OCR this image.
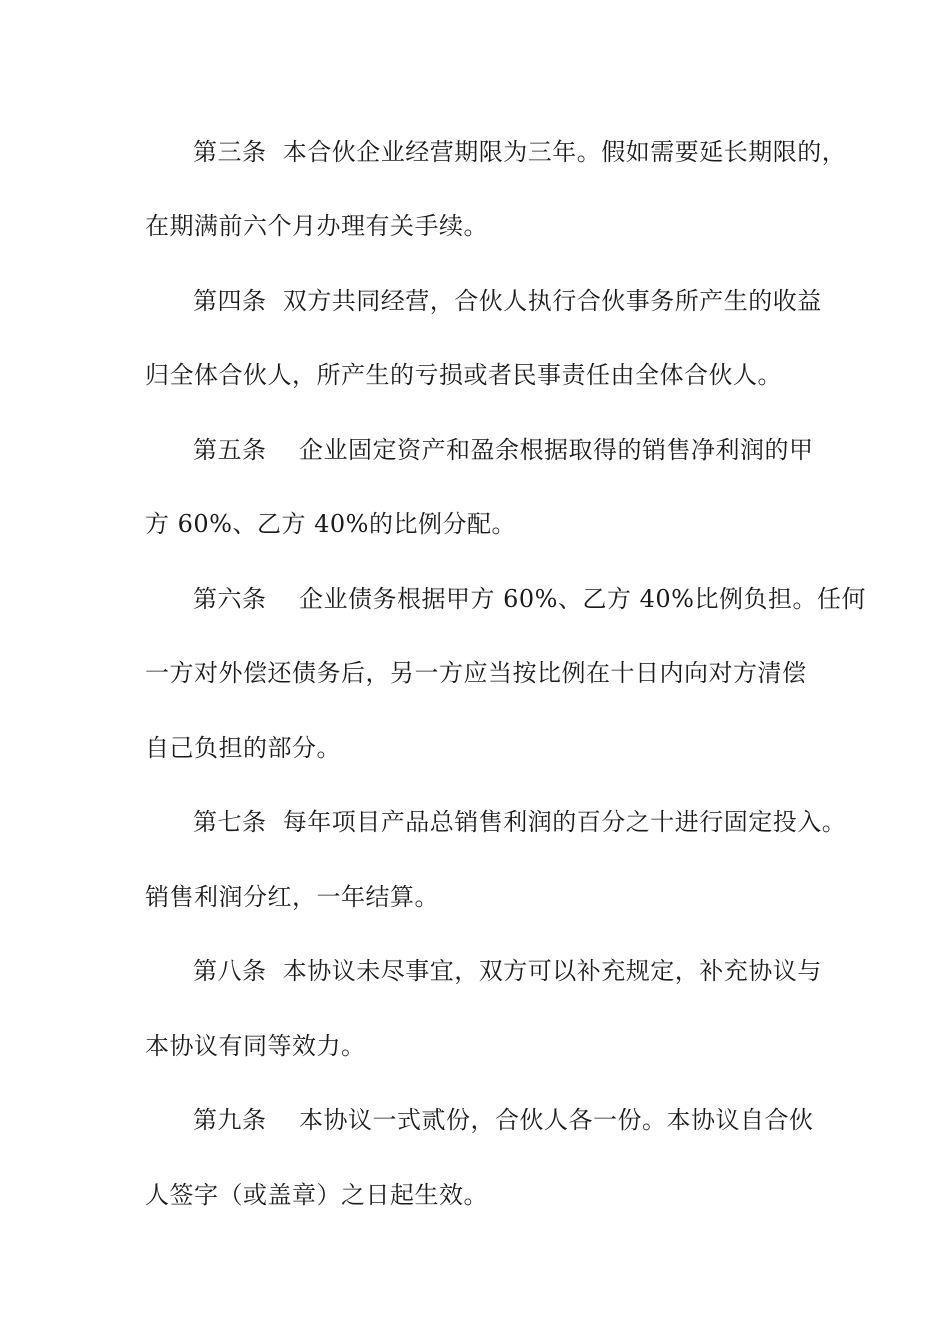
第三条  本合伙企业经营期限为三年。假如需要延长期限的，
在期满前六个月办理有关手续。
第四条  双方共同经营，合伙人执行合伙事务所产生的收益
归全体合伙人，所产生的亏损或者民事责任由全体合伙人。
第五条    企业固定资产和盈余根据取得的销售净利润的甲
方 60%、乙方 40%的比例分配。
第六条    企业债务根据甲方 60%、乙方 40%比例负担。任何
一方对外偿还债务后，另一方应当按比例在十日内向对方清偿
自己负担的部分。
第七条  每年项目产品总销售利润的百分之十进行固定投入。
销售利润分红，一年结算。
第八条  本协议未尽事宜，双方可以补充规定，补充协议与
本协议有同等效力。
第九条    本协议一式贰份，合伙人各一份。本协议自合伙
人签字（或盖章）之日起生效。
